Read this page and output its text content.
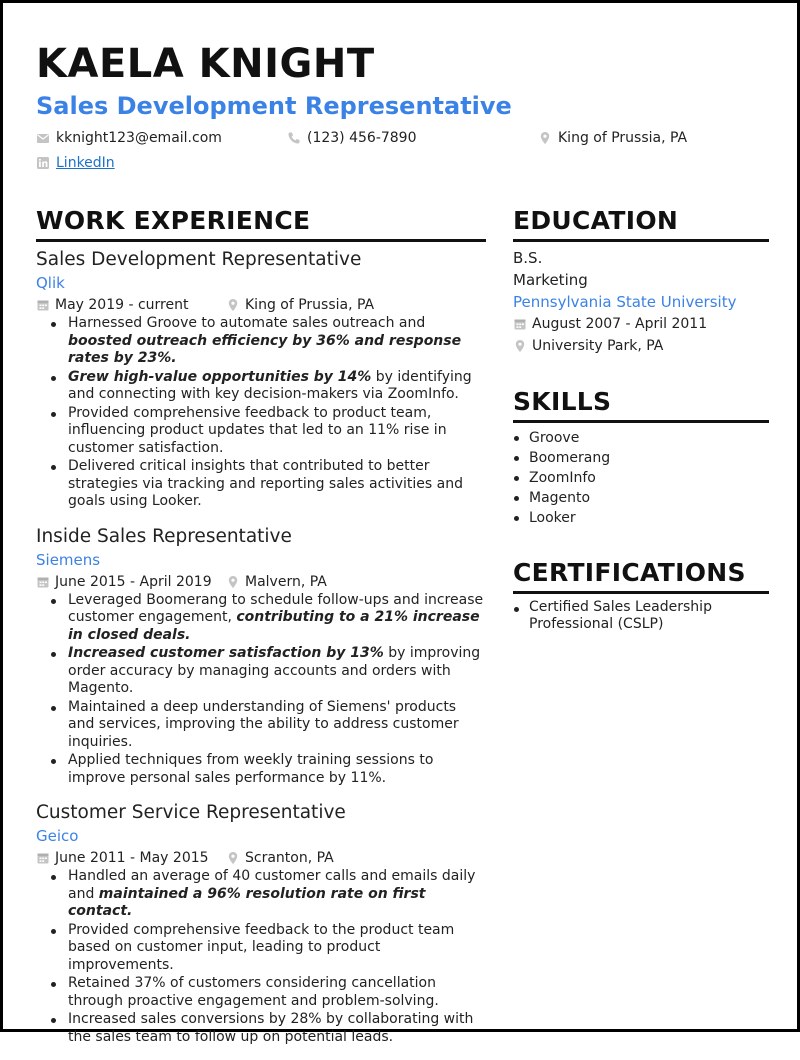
KAELA KNIGHT
Sales Development Representative
kknight123@email.com	(123) 456-7890	King of Prussia, PA
LinkedIn
WORK EXPERIENCE
Sales Development Representative
Qlik
May 2019 - current	King of Prussia, PA
Harnessed Groove to automate sales outreach and boosted outreach efficiency by 36% and response rates by 23%.
Grew high-value opportunities by 14% by identifying and connecting with key decision-makers via ZoomInfo.
Provided comprehensive feedback to product team, influencing product updates that led to an 11% rise in customer satisfaction.
Delivered critical insights that contributed to better strategies via tracking and reporting sales activities and goals using Looker.
Inside Sales Representative
Siemens
June 2015 - April 2019 Malvern, PA
Leveraged Boomerang to schedule follow-ups and increase customer engagement, contributing to a 21% increase in closed deals.
Increased customer satisfaction by 13% by improving order accuracy by managing accounts and orders with Magento.
Maintained a deep understanding of Siemens' products and services, improving the ability to address customer inquiries.
Applied techniques from weekly training sessions to improve personal sales performance by 11%.
Customer Service Representative
Geico
June 2011 - May 2015	Scranton, PA
Handled an average of 40 customer calls and emails daily and maintained a 96% resolution rate on first contact.
Provided comprehensive feedback to the product team based on customer input, leading to product improvements.
Retained 37% of customers considering cancellation through proactive engagement and problem-solving.
Increased sales conversions by 28% by collaborating with the sales team to follow up on potential leads.
EDUCATION
B.S.
Marketing
Pennsylvania State University
August 2007 - April 2011
University Park, PA
SKILLS
Groove
Boomerang
ZoomInfo
Magento
Looker
CERTIFICATIONS
Certified Sales Leadership Professional (CSLP)
